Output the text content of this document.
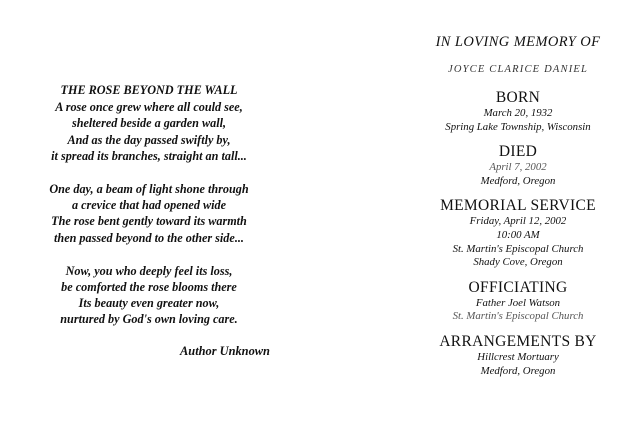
THE ROSE BEYOND THE WALL
A rose once grew where all could see,
sheltered beside a garden wall,
And as the day passed swiftly by,
it spread its branches, straight an tall...
One day, a beam of light shone through
a crevice that had opened wide
The rose bent gently toward its warmth
then passed beyond to the other side...
Now, you who deeply feel its loss,
be comforted the rose blooms there
Its beauty even greater now,
nurtured by God's own loving care.
Author Unknown
IN LOVING MEMORY OF
JOYCE CLARICE DANIEL
BORN
March 20, 1932
Spring Lake Township, Wisconsin
DIED
April 7, 2002
Medford, Oregon
MEMORIAL SERVICE
Friday, April 12, 2002
10:00 AM
St. Martin's Episcopal Church
Shady Cove, Oregon
OFFICIATING
Father Joel Watson
St. Martin's Episcopal Church
ARRANGEMENTS BY
Hillcrest Mortuary
Medford, Oregon
